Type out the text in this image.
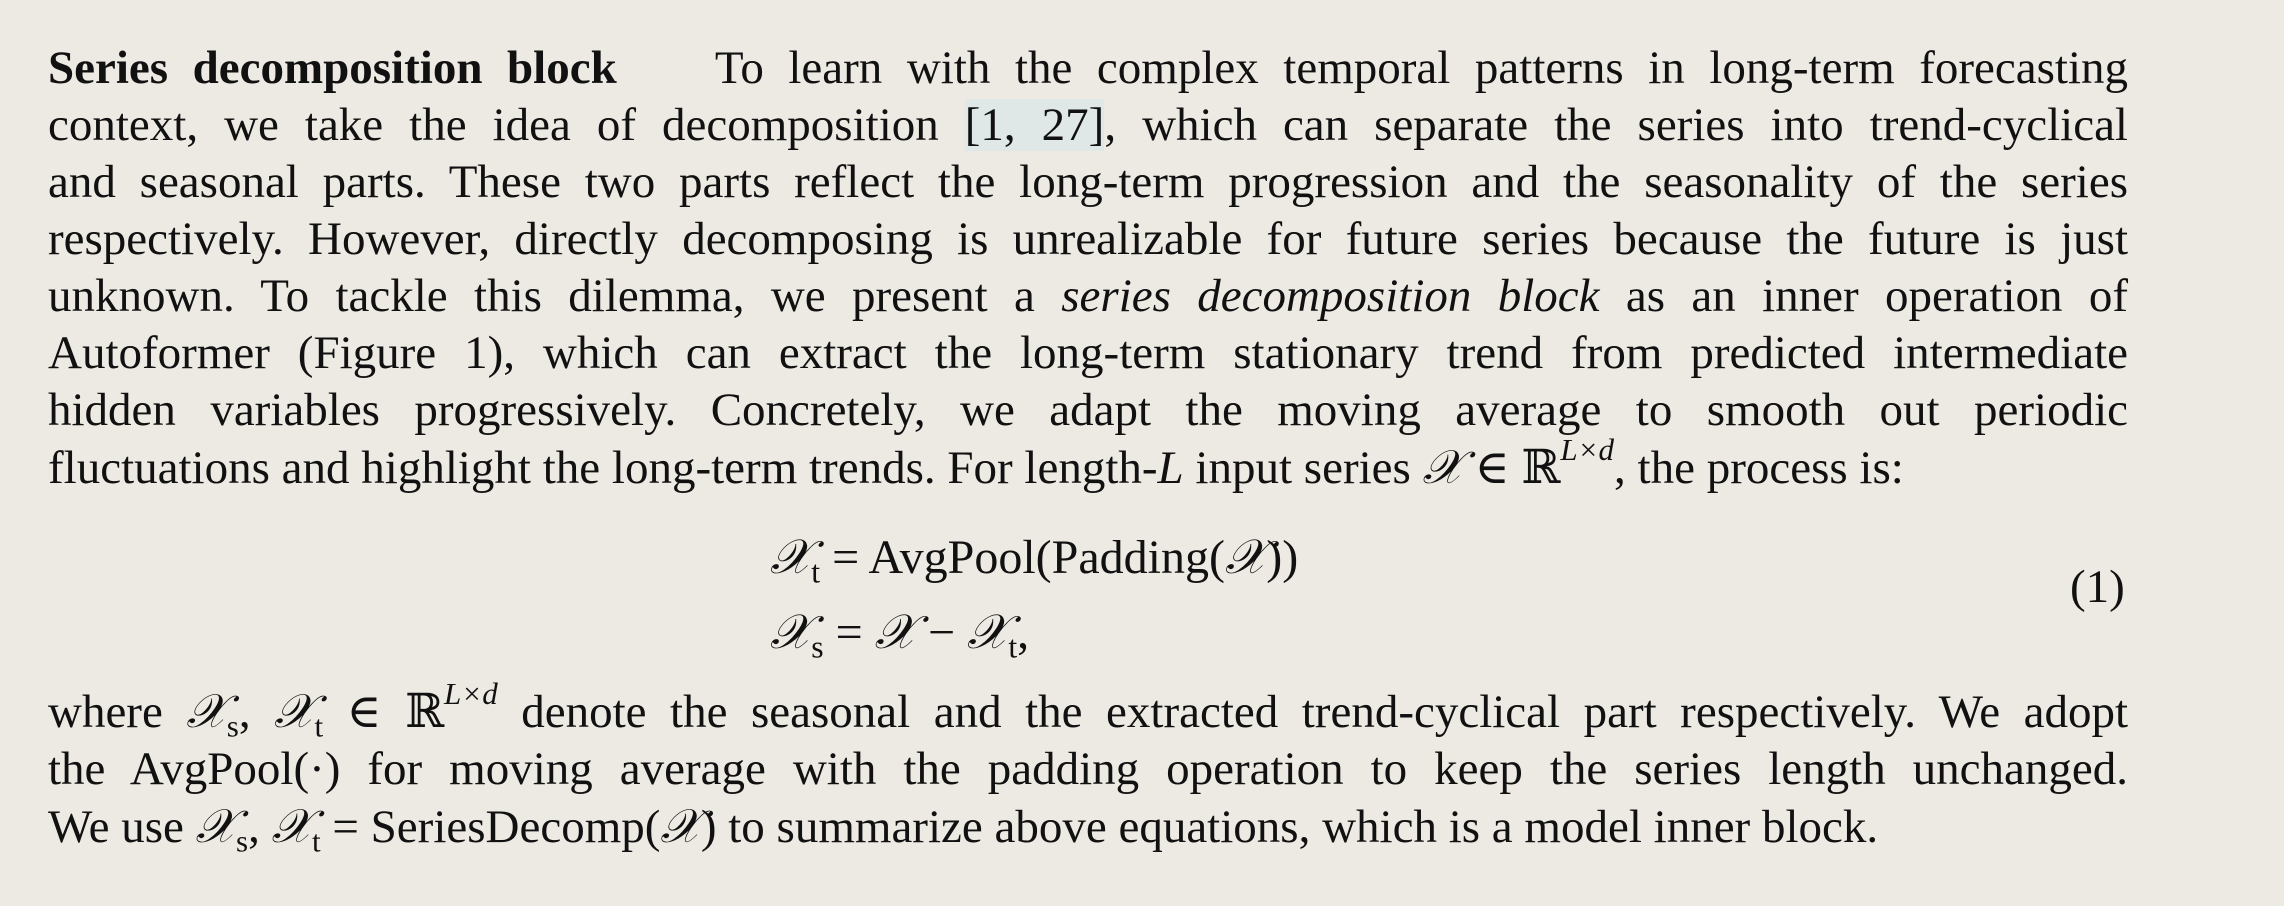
Series decomposition block To learn with the complex temporal patterns in long-term forecasting
context, we take the idea of decomposition [1, 27], which can separate the series into trend-cyclical
and seasonal parts. These two parts reflect the long-term progression and the seasonality of the series
respectively. However, directly decomposing is unrealizable for future series because the future is just
unknown. To tackle this dilemma, we present a series decomposition block as an inner operation of
Autoformer (Figure 1), which can extract the long-term stationary trend from predicted intermediate
hidden variables progressively. Concretely, we adapt the moving average to smooth out periodic
fluctuations and highlight the long-term trends. For length-L input series 𝒳 ∈ ℝ$^{L\times d}$, the process is:
𝒳$_t$ = AvgPool(Padding(𝒳))
𝒳$_s$ = 𝒳 − 𝒳$_t$,
(1)
where 𝒳$_s$, 𝒳$_t$ ∈ ℝ$^{L\times d}$ denote the seasonal and the extracted trend-cyclical part respectively. We adopt
the AvgPool(·) for moving average with the padding operation to keep the series length unchanged.
We use 𝒳$_s$, 𝒳$_t$ = SeriesDecomp(𝒳) to summarize above equations, which is a model inner block.
